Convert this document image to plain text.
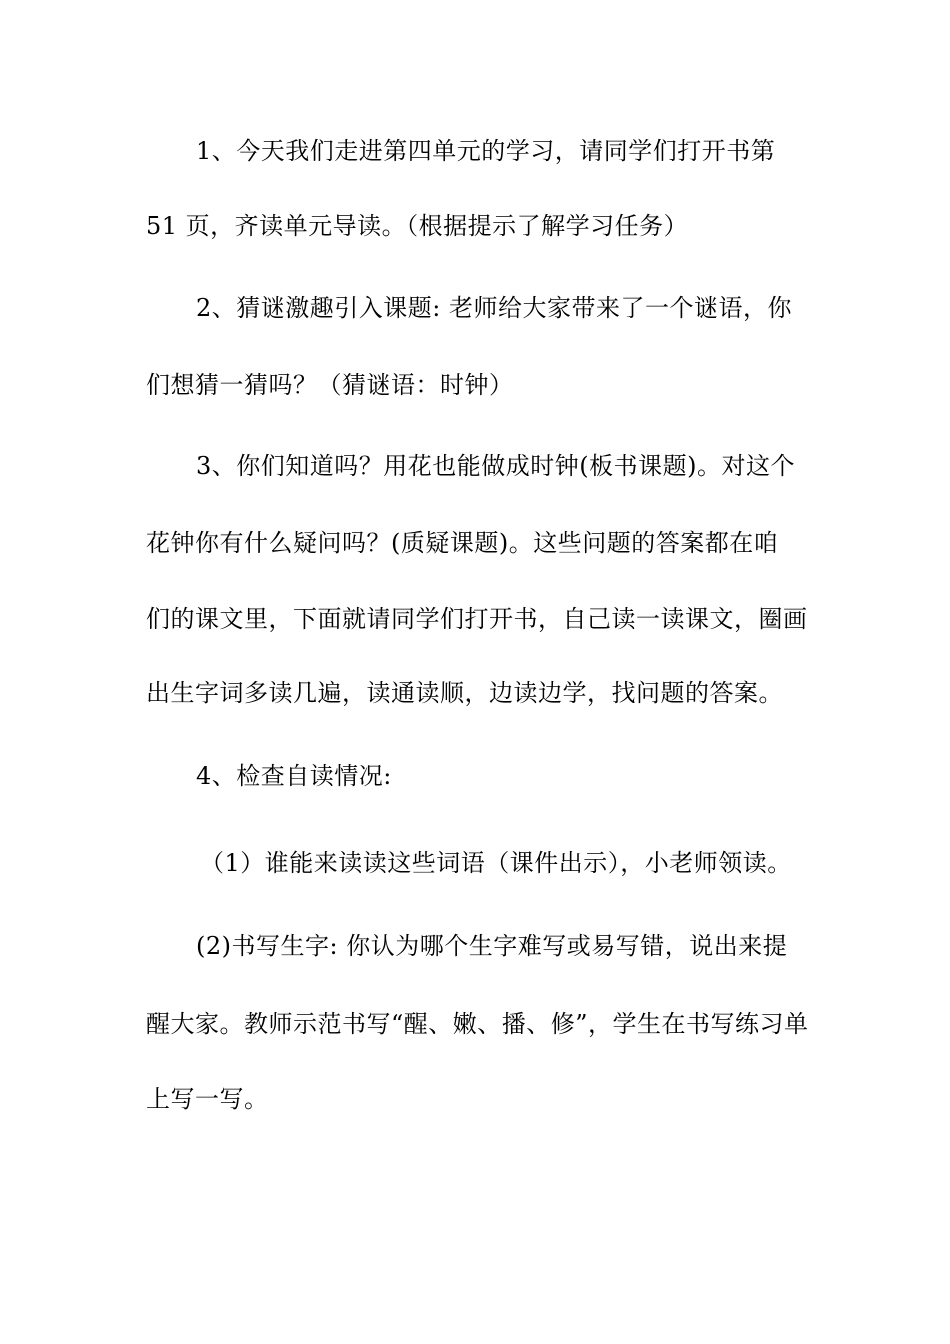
1、今天我们走进第四单元的学习，请同学们打开书第
51 页，齐读单元导读。（根据提示了解学习任务）
2、猜谜激趣引入课题: 老师给大家带来了一个谜语，你
们想猜一猜吗？（猜谜语：时钟）
3、你们知道吗？用花也能做成时钟(板书课题)。对这个
花钟你有什么疑问吗？(质疑课题)。这些问题的答案都在咱
们的课文里，下面就请同学们打开书，自己读一读课文，圈画
出生字词多读几遍，读通读顺，边读边学，找问题的答案。
4、检查自读情况:
（1）谁能来读读这些词语（课件出示），小老师领读。
(2)书写生字: 你认为哪个生字难写或易写错，说出来提
醒大家。教师示范书写“醒、嫩、播、修”，学生在书写练习单
上写一写。
